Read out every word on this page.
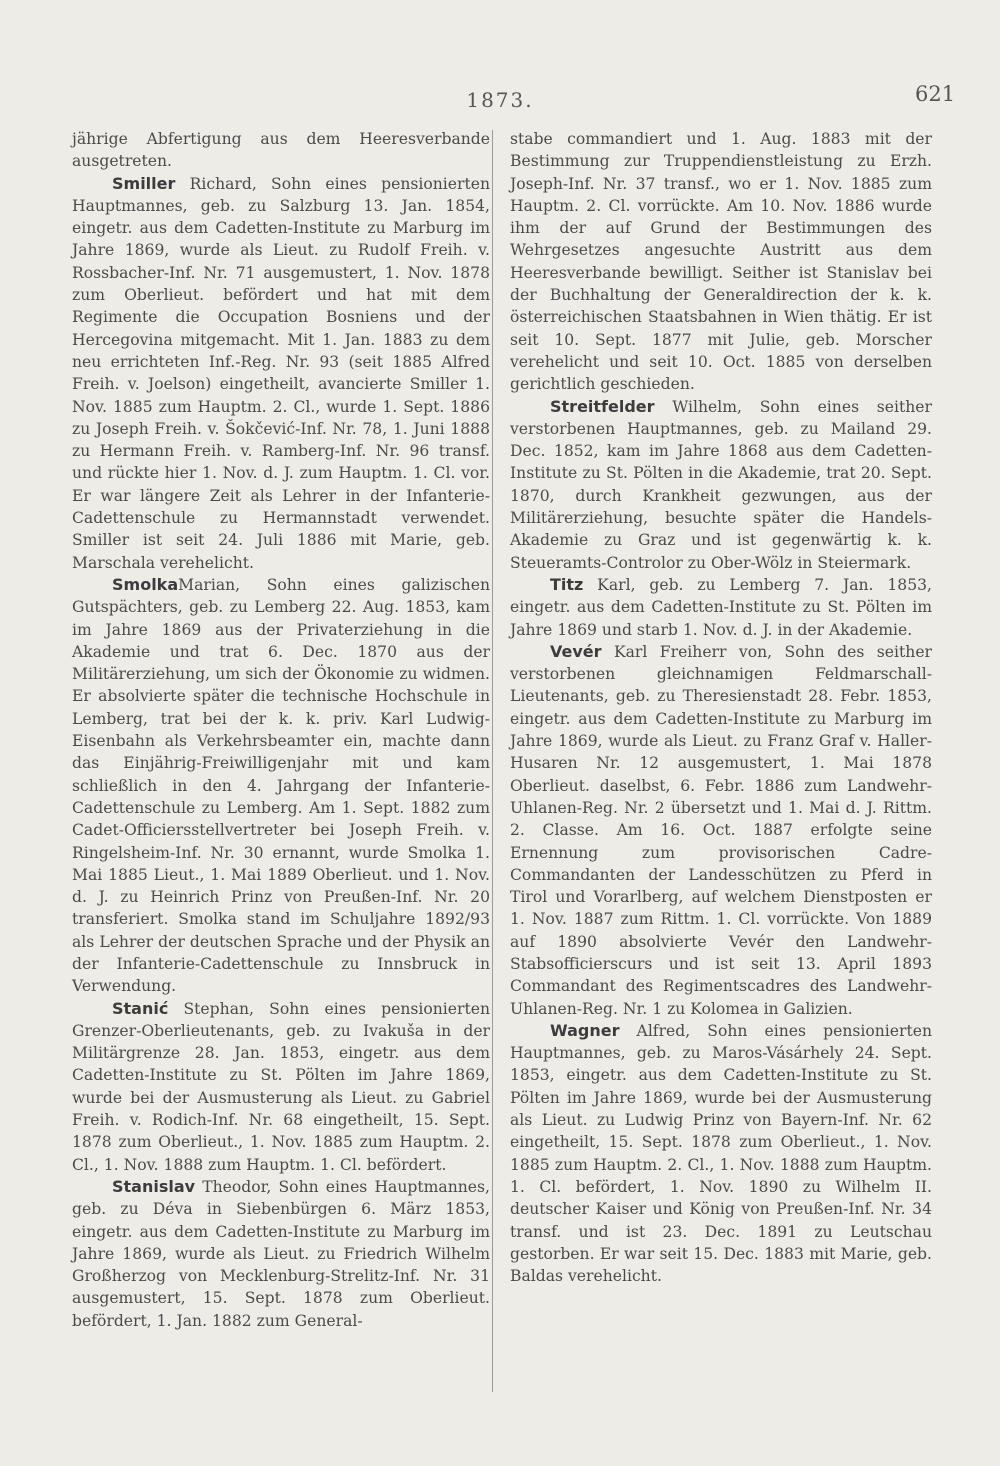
1873.	621

jährige Abfertigung aus dem Heeresverbande ausgetreten.

Smiller Richard, Sohn eines pensionierten Hauptmannes, geb. zu Salzburg 13. Jan. 1854, eingetr. aus dem Cadetten-Institute zu Marburg im Jahre 1869, wurde als Lieut. zu Rudolf Freih. v. Rossbacher-Inf. Nr. 71 ausgemustert, 1. Nov. 1878 zum Oberlieut. befördert und hat mit dem Regimente die Occupation Bosniens und der Hercegovina mitgemacht. Mit 1. Jan. 1883 zu dem neu errichteten Inf.-Reg. Nr. 93 (seit 1885 Alfred Freih. v. Joelson) eingetheilt, avancierte Smiller 1. Nov. 1885 zum Hauptm. 2. Cl., wurde 1. Sept. 1886 zu Joseph Freih. v. Šokčević-Inf. Nr. 78, 1. Juni 1888 zu Hermann Freih. v. Ramberg-Inf. Nr. 96 transf. und rückte hier 1. Nov. d. J. zum Hauptm. 1. Cl. vor. Er war längere Zeit als Lehrer in der Infanterie-Cadettenschule zu Hermannstadt verwendet. Smiller ist seit 24. Juli 1886 mit Marie, geb. Marschala verehelicht.

SmolkaMarian, Sohn eines galizischen Gutspächters, geb. zu Lemberg 22. Aug. 1853, kam im Jahre 1869 aus der Privaterziehung in die Akademie und trat 6. Dec. 1870 aus der Militärerziehung, um sich der Ökonomie zu widmen. Er absolvierte später die technische Hochschule in Lemberg, trat bei der k. k. priv. Karl Ludwig-Eisenbahn als Verkehrsbeamter ein, machte dann das Einjährig-Freiwilligenjahr mit und kam schließlich in den 4. Jahrgang der Infanterie-Cadettenschule zu Lemberg. Am 1. Sept. 1882 zum Cadet-Officiersstellvertreter bei Joseph Freih. v. Ringelsheim-Inf. Nr. 30 ernannt, wurde Smolka 1. Mai 1885 Lieut., 1. Mai 1889 Oberlieut. und 1. Nov. d. J. zu Heinrich Prinz von Preußen-Inf. Nr. 20 transferiert. Smolka stand im Schuljahre 1892/93 als Lehrer der deutschen Sprache und der Physik an der Infanterie-Cadettenschule zu Innsbruck in Verwendung.

Stanić Stephan, Sohn eines pensionierten Grenzer-Oberlieutenants, geb. zu Ivakuša in der Militärgrenze 28. Jan. 1853, eingetr. aus dem Cadetten-Institute zu St. Pölten im Jahre 1869, wurde bei der Ausmusterung als Lieut. zu Gabriel Freih. v. Rodich-Inf. Nr. 68 eingetheilt, 15. Sept. 1878 zum Oberlieut., 1. Nov. 1885 zum Hauptm. 2. Cl., 1. Nov. 1888 zum Hauptm. 1. Cl. befördert.

Stanislav Theodor, Sohn eines Hauptmannes, geb. zu Déva in Siebenbürgen 6. März 1853, eingetr. aus dem Cadetten-Institute zu Marburg im Jahre 1869, wurde als Lieut. zu Friedrich Wilhelm Großherzog von Mecklenburg-Strelitz-Inf. Nr. 31 ausgemustert, 15. Sept. 1878 zum Oberlieut. befördert, 1. Jan. 1882 zum General-

stabe commandiert und 1. Aug. 1883 mit der Bestimmung zur Truppendienstleistung zu Erzh. Joseph-Inf. Nr. 37 transf., wo er 1. Nov. 1885 zum Hauptm. 2. Cl. vorrückte. Am 10. Nov. 1886 wurde ihm der auf Grund der Bestimmungen des Wehrgesetzes angesuchte Austritt aus dem Heeresverbande bewilligt. Seither ist Stanislav bei der Buchhaltung der Generaldirection der k. k. österreichischen Staatsbahnen in Wien thätig. Er ist seit 10. Sept. 1877 mit Julie, geb. Morscher verehelicht und seit 10. Oct. 1885 von derselben gerichtlich geschieden.

Streitfelder Wilhelm, Sohn eines seither verstorbenen Hauptmannes, geb. zu Mailand 29. Dec. 1852, kam im Jahre 1868 aus dem Cadetten-Institute zu St. Pölten in die Akademie, trat 20. Sept. 1870, durch Krankheit gezwungen, aus der Militärerziehung, besuchte später die Handels-Akademie zu Graz und ist gegenwärtig k. k. Steueramts-Controlor zu Ober-Wölz in Steiermark.

Titz Karl, geb. zu Lemberg 7. Jan. 1853, eingetr. aus dem Cadetten-Institute zu St. Pölten im Jahre 1869 und starb 1. Nov. d. J. in der Akademie.

Vevér Karl Freiherr von, Sohn des seither verstorbenen gleichnamigen Feldmarschall-Lieutenants, geb. zu Theresienstadt 28. Febr. 1853, eingetr. aus dem Cadetten-Institute zu Marburg im Jahre 1869, wurde als Lieut. zu Franz Graf v. Haller-Husaren Nr. 12 ausgemustert, 1. Mai 1878 Oberlieut. daselbst, 6. Febr. 1886 zum Landwehr-Uhlanen-Reg. Nr. 2 übersetzt und 1. Mai d. J. Rittm. 2. Classe. Am 16. Oct. 1887 erfolgte seine Ernennung zum provisorischen Cadre-Commandanten der Landesschützen zu Pferd in Tirol und Vorarlberg, auf welchem Dienstposten er 1. Nov. 1887 zum Rittm. 1. Cl. vorrückte. Von 1889 auf 1890 absolvierte Vevér den Landwehr-Stabsofficierscurs und ist seit 13. April 1893 Commandant des Regimentscadres des Landwehr-Uhlanen-Reg. Nr. 1 zu Kolomea in Galizien.

Wagner Alfred, Sohn eines pensionierten Hauptmannes, geb. zu Maros-Vásárhely 24. Sept. 1853, eingetr. aus dem Cadetten-Institute zu St. Pölten im Jahre 1869, wurde bei der Ausmusterung als Lieut. zu Ludwig Prinz von Bayern-Inf. Nr. 62 eingetheilt, 15. Sept. 1878 zum Oberlieut., 1. Nov. 1885 zum Hauptm. 2. Cl., 1. Nov. 1888 zum Hauptm. 1. Cl. befördert, 1. Nov. 1890 zu Wilhelm II. deutscher Kaiser und König von Preußen-Inf. Nr. 34 transf. und ist 23. Dec. 1891 zu Leutschau gestorben. Er war seit 15. Dec. 1883 mit Marie, geb. Baldas verehelicht.
